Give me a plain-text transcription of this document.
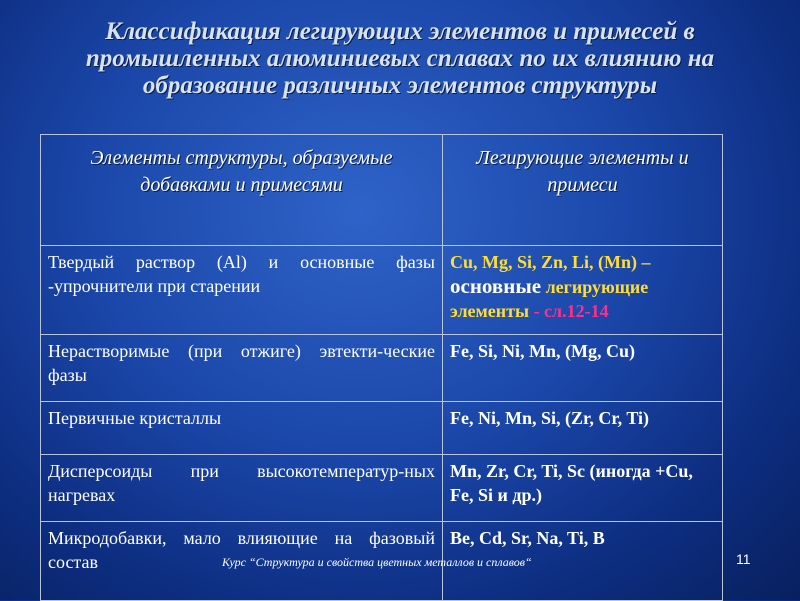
Классификация легирующих элементов и примесей в
промышленных алюминиевых сплавах по их влиянию на
образование различных элементов структуры
Элементы структуры, образуемые добавками и примесями	Легирующие элементы и примеси
Твердый раствор (Al) и основные фазы -упрочнители при старении	Cu, Mg, Si, Zn, Li, (Mn) – основные легирующие элементы - сл.12-14
Нерастворимые (при отжиге) эвтекти-ческие фазы	Fe, Si, Ni, Mn, (Mg, Cu)
Первичные кристаллы	Fe, Ni, Mn, Si, (Zr, Cr, Ti)
Дисперсоиды при высокотемператур-ных нагревах	Mn, Zr, Cr, Ti, Sc (иногда +Cu, Fe, Si и др.)
Микродобавки, мало влияющие на фазовый состав	Be, Cd, Sr, Na, Ti, B
Курс “Структура и свойства цветных металлов и сплавов“	11
